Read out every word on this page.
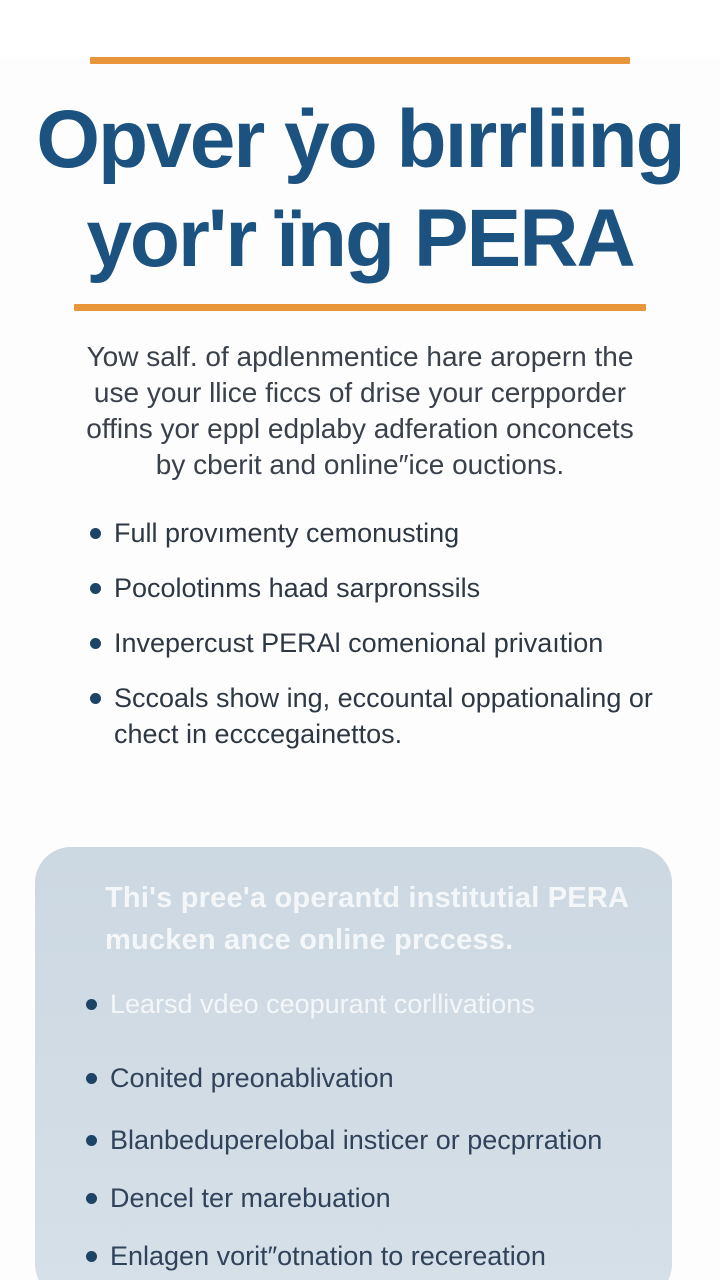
Opver ẏo bırrliing
yor'r ïng PERA
Yow salf. of apdlenmentice hare aropern the
use your llice ficcs of drise your cerpporder
offins yor eppl edplaby adferation onconcets
by cberit and online″ice ouctions.
Full provımenty cemonusting
Pocolotinms haad sarpronssils
Invepercust PERAl comenional privaıtion
Sccoals show ing, eccountal oppationaling or chect in ecccegainettos.

Thi's pree'a operantd institutial PERA
mucken ance online prccess.

Learsd vdeo ceopurant corllivations
Conited preonablivation
Blanbeduperelobal insticer or pecprration
Dencel ter marebuation
Enlagen vorit″otnation to recereation
